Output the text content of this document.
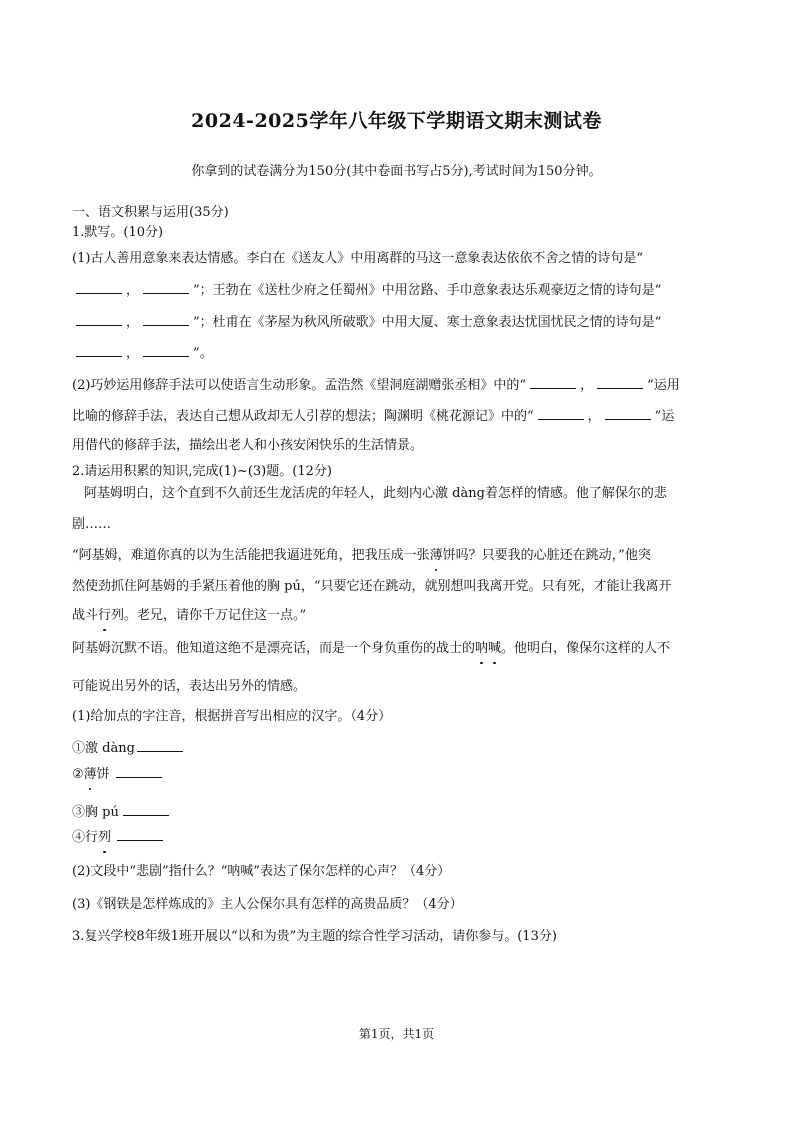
2024-2025学年八年级下学期语文期末测试卷
你拿到的试卷满分为150分(其中卷面书写占5分),考试时间为150分钟。
一、语文积累与运用(35分)
1.默写。(10分)
(1)古人善用意象来表达情感。李白在《送友人》中用离群的马这一意象表达依依不舍之情的诗句是“
，	”；王勃在《送杜少府之任蜀州》中用岔路、手巾意象表达乐观豪迈之情的诗句是“
，	”；杜甫在《茅屋为秋风所破歌》中用大厦、寒士意象表达忧国忧民之情的诗句是“
，	”。
(2)巧妙运用修辞手法可以使语言生动形象。孟浩然《望洞庭湖赠张丞相》中的“	，	”运用
比喻的修辞手法，表达自己想从政却无人引荐的想法；陶渊明《桃花源记》中的“	，	”运
用借代的修辞手法，描绘出老人和小孩安闲快乐的生活情景。
2.请运用积累的知识,完成(1)~(3)题。(12分)
阿基姆明白，这个直到不久前还生龙活虎的年轻人，此刻内心激 dàng着怎样的情感。他了解保尔的悲
剧……
“阿基姆，难道你真的以为生活能把我逼进死角，把我压成一张薄饼吗？只要我的心脏还在跳动，”他突
然使劲抓住阿基姆的手紧压着他的胸 pú，“只要它还在跳动，就别想叫我离开党。只有死，才能让我离开
战斗行列。老兄，请你千万记住这一点。”
阿基姆沉默不语。他知道这绝不是漂亮话，而是一个身负重伤的战士的呐喊。他明白，像保尔这样的人不
可能说出另外的话，表达出另外的情感。
(1)给加点的字注音，根据拼音写出相应的汉字。（4分）
①激 dàng
②薄饼
③胸 pú
④行列
(2)文段中“悲剧”指什么？“呐喊”表达了保尔怎样的心声？（4分）
(3)《钢铁是怎样炼成的》主人公保尔具有怎样的高贵品质？（4分）
3.复兴学校8年级1班开展以“以和为贵”为主题的综合性学习活动，请你参与。(13分)
第1页，共1页
